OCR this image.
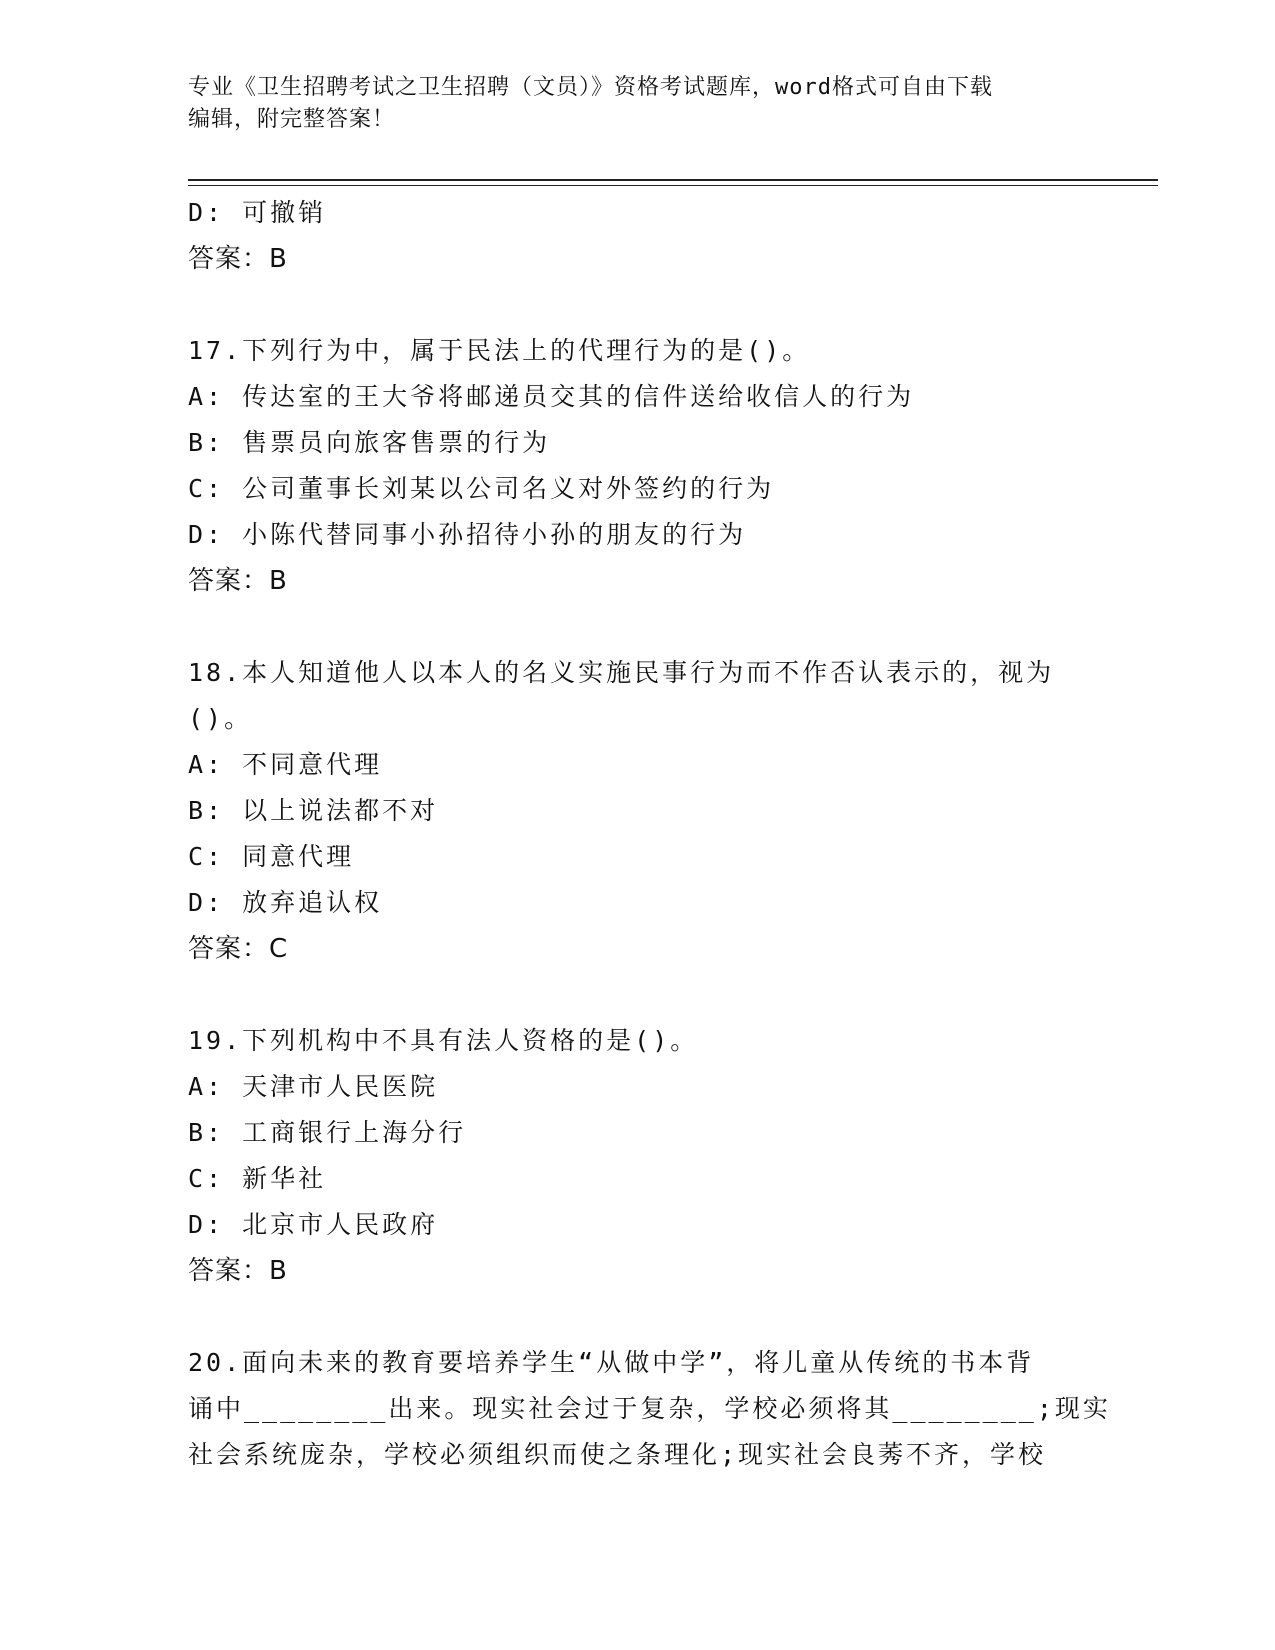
专业《卫生招聘考试之卫生招聘（文员）》资格考试题库，word格式可自由下载
编辑，附完整答案！
D: 可撤销
答案：B
17.下列行为中，属于民法上的代理行为的是()。
A: 传达室的王大爷将邮递员交其的信件送给收信人的行为
B: 售票员向旅客售票的行为
C: 公司董事长刘某以公司名义对外签约的行为
D: 小陈代替同事小孙招待小孙的朋友的行为
答案：B
18.本人知道他人以本人的名义实施民事行为而不作否认表示的，视为
()。
A: 不同意代理
B: 以上说法都不对
C: 同意代理
D: 放弃追认权
答案：C
19.下列机构中不具有法人资格的是()。
A: 天津市人民医院
B: 工商银行上海分行
C: 新华社
D: 北京市人民政府
答案：B
20.面向未来的教育要培养学生“从做中学”，将儿童从传统的书本背
诵中________出来。现实社会过于复杂，学校必须将其________;现实
社会系统庞杂，学校必须组织而使之条理化;现实社会良莠不齐，学校
